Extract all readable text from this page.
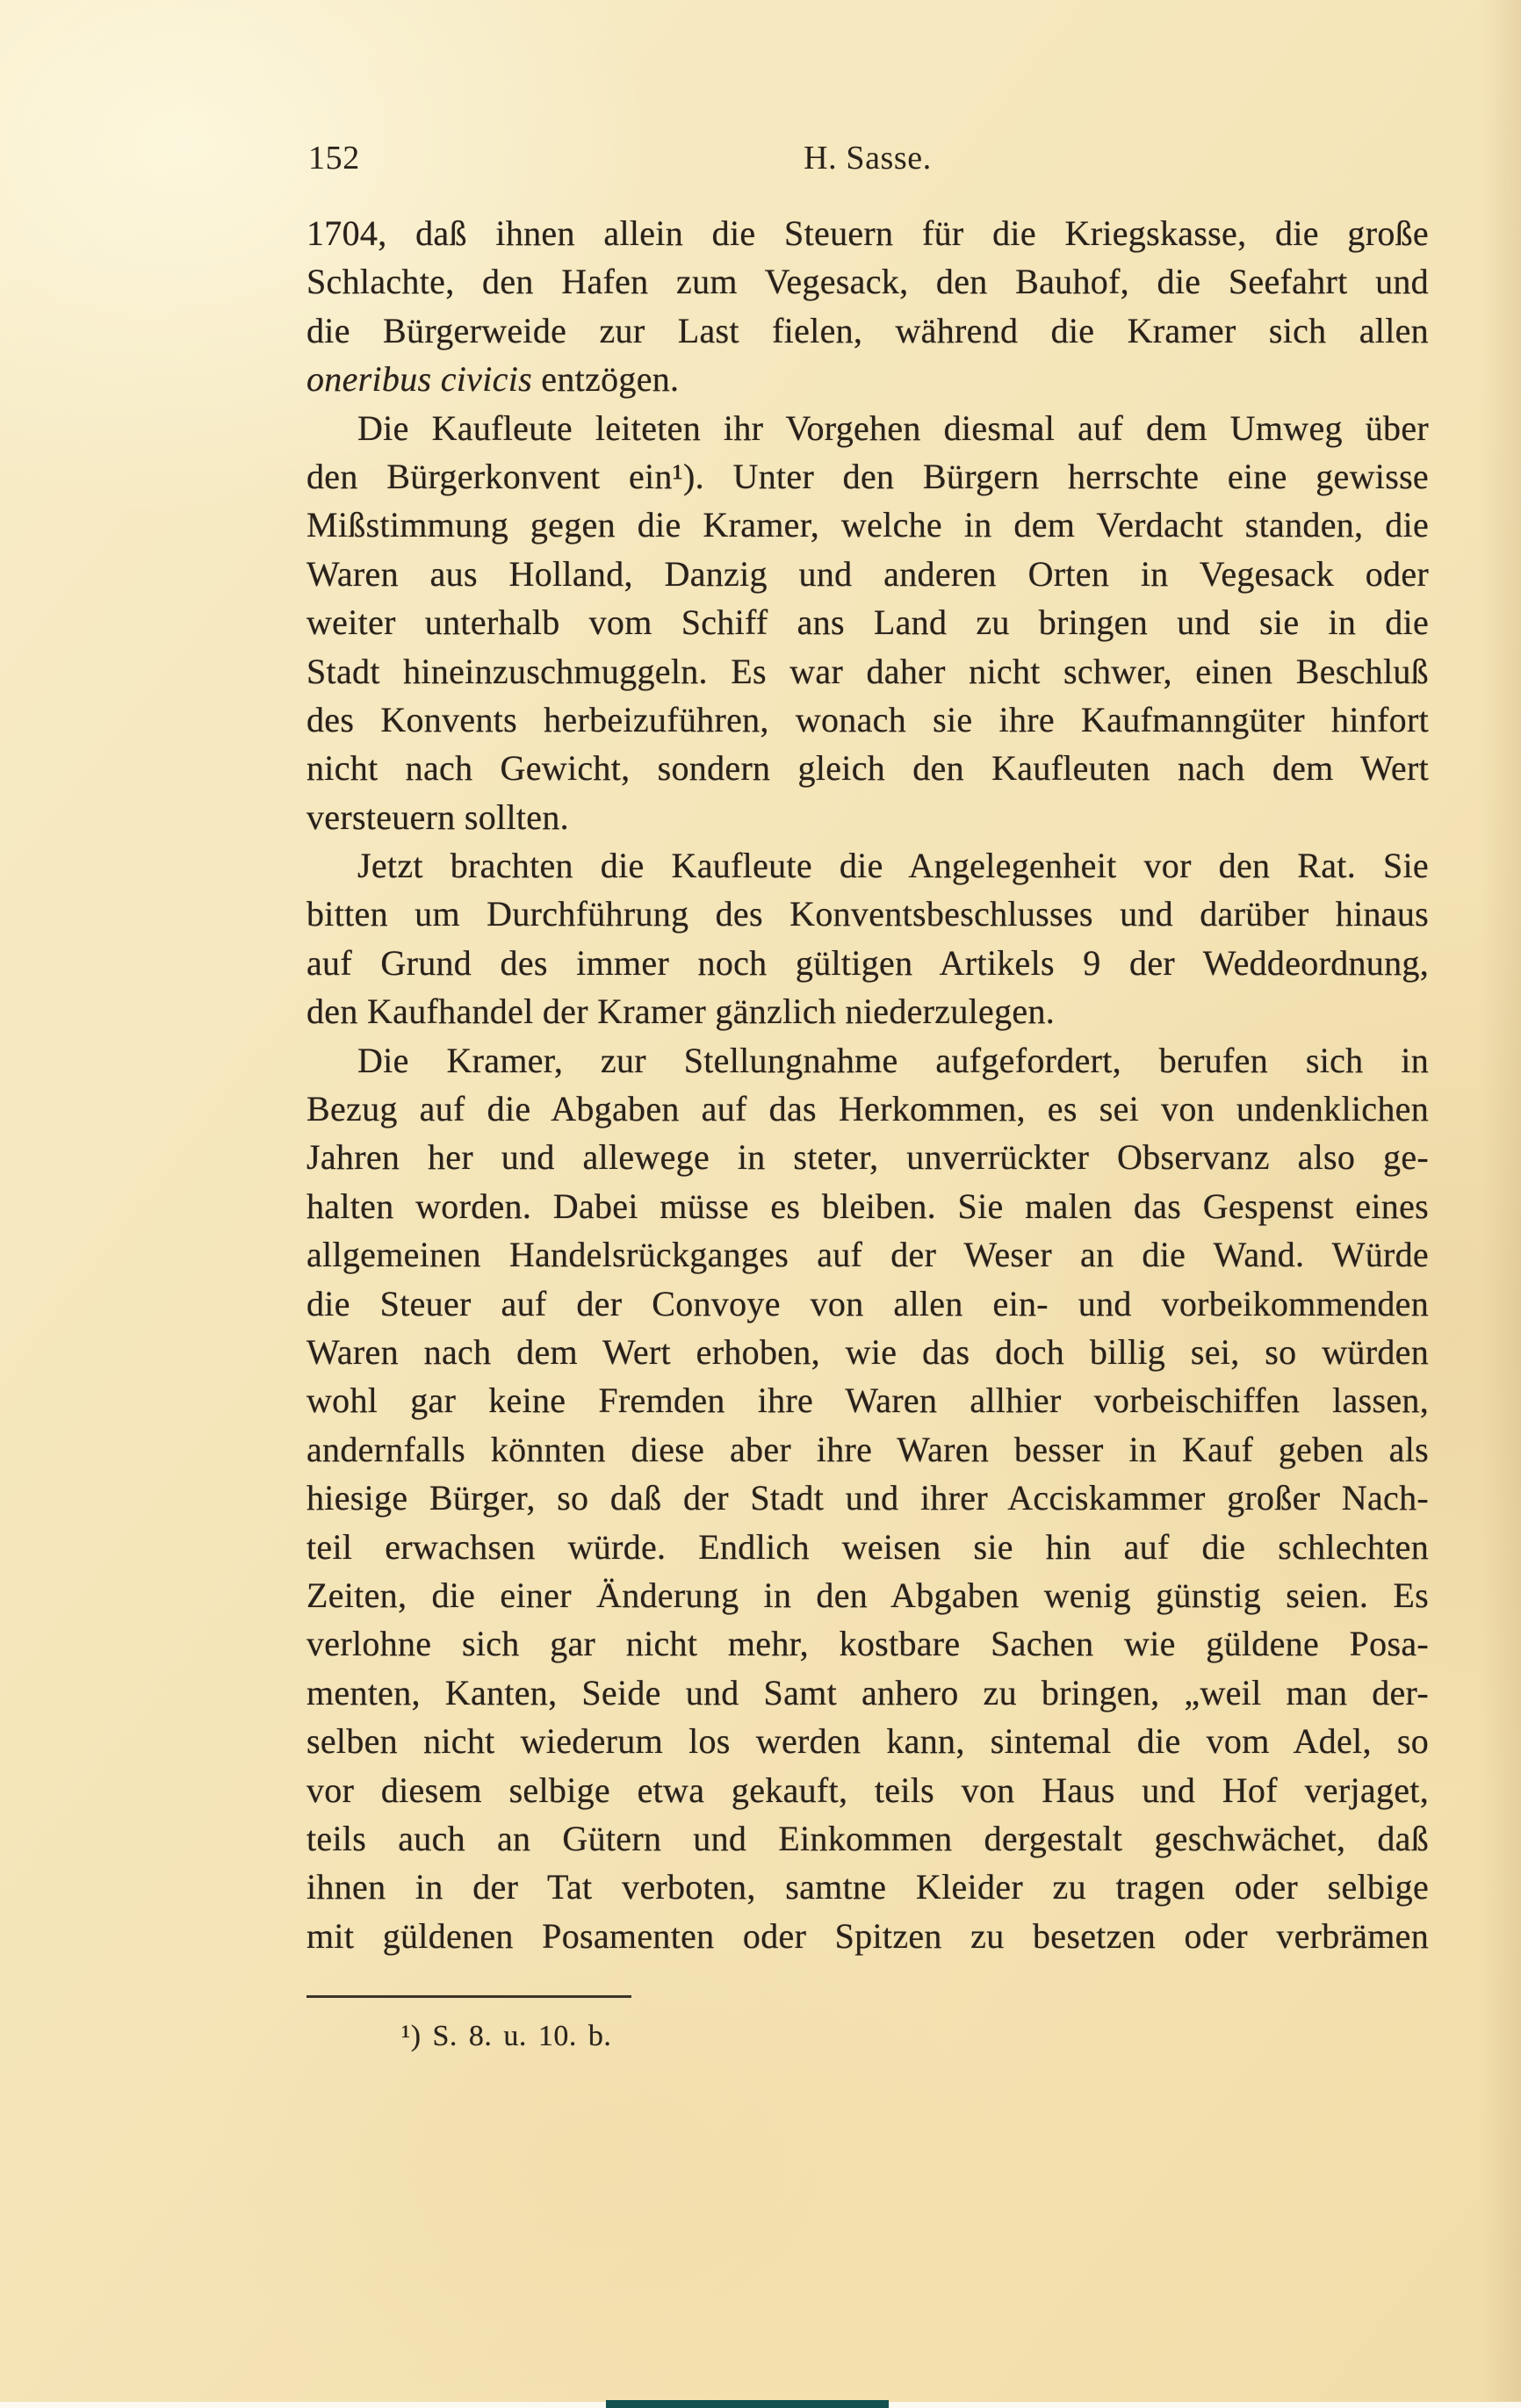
152	H. Sasse.
1704, daß ihnen allein die Steuern für die Kriegskasse, die große
Schlachte, den Hafen zum Vegesack, den Bauhof, die Seefahrt und
die Bürgerweide zur Last fielen, während die Kramer sich allen
oneribus civicis entzögen.
Die Kaufleute leiteten ihr Vorgehen diesmal auf dem Umweg über
den Bürgerkonvent ein¹). Unter den Bürgern herrschte eine gewisse
Mißstimmung gegen die Kramer, welche in dem Verdacht standen, die
Waren aus Holland, Danzig und anderen Orten in Vegesack oder
weiter unterhalb vom Schiff ans Land zu bringen und sie in die
Stadt hineinzuschmuggeln. Es war daher nicht schwer, einen Beschluß
des Konvents herbeizuführen, wonach sie ihre Kaufmanngüter hinfort
nicht nach Gewicht, sondern gleich den Kaufleuten nach dem Wert
versteuern sollten.
Jetzt brachten die Kaufleute die Angelegenheit vor den Rat. Sie
bitten um Durchführung des Konventsbeschlusses und darüber hinaus
auf Grund des immer noch gültigen Artikels 9 der Weddeordnung,
den Kaufhandel der Kramer gänzlich niederzulegen.
Die Kramer, zur Stellungnahme aufgefordert, berufen sich in
Bezug auf die Abgaben auf das Herkommen, es sei von undenklichen
Jahren her und allewege in steter, unverrückter Observanz also ge-
halten worden. Dabei müsse es bleiben. Sie malen das Gespenst eines
allgemeinen Handelsrückganges auf der Weser an die Wand. Würde
die Steuer auf der Convoye von allen ein- und vorbeikommenden
Waren nach dem Wert erhoben, wie das doch billig sei, so würden
wohl gar keine Fremden ihre Waren allhier vorbeischiffen lassen,
andernfalls könnten diese aber ihre Waren besser in Kauf geben als
hiesige Bürger, so daß der Stadt und ihrer Acciskammer großer Nach-
teil erwachsen würde. Endlich weisen sie hin auf die schlechten
Zeiten, die einer Änderung in den Abgaben wenig günstig seien. Es
verlohne sich gar nicht mehr, kostbare Sachen wie güldene Posa-
menten, Kanten, Seide und Samt anhero zu bringen, „weil man der-
selben nicht wiederum los werden kann, sintemal die vom Adel, so
vor diesem selbige etwa gekauft, teils von Haus und Hof verjaget,
teils auch an Gütern und Einkommen dergestalt geschwächet, daß
ihnen in der Tat verboten, samtne Kleider zu tragen oder selbige
mit güldenen Posamenten oder Spitzen zu besetzen oder verbrämen
¹) S. 8. u. 10. b.
